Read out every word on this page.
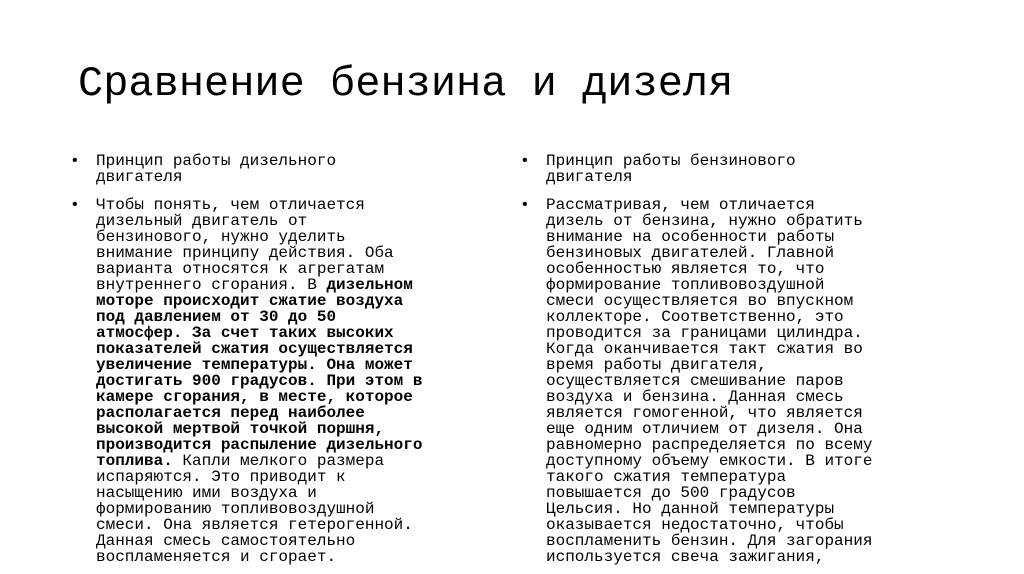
Сравнение бензина и дизеля
• Принцип работы дизельного
двигателя

• Чтобы понять, чем отличается
дизельный двигатель от
бензинового, нужно уделить
внимание принципу действия. Оба
варианта относятся к агрегатам
внутреннего сгорания. В дизельном
моторе происходит сжатие воздуха
под давлением от 30 до 50
атмосфер. За счет таких высоких
показателей сжатия осуществляется
увеличение температуры. Она может
достигать 900 градусов. При этом в
камере сгорания, в месте, которое
располагается перед наиболее
высокой мертвой точкой поршня,
производится распыление дизельного
топлива. Капли мелкого размера
испаряются. Это приводит к
насыщению ими воздуха и
формированию топливовоздушной
смеси. Она является гетерогенной.
Данная смесь самостоятельно
воспламеняется и сгорает.

• Принцип работы бензинового
двигателя

• Рассматривая, чем отличается
дизель от бензина, нужно обратить
внимание на особенности работы
бензиновых двигателей. Главной
особенностью является то, что
формирование топливовоздушной
смеси осуществляется во впускном
коллекторе. Соответственно, это
проводится за границами цилиндра.
Когда оканчивается такт сжатия во
время работы двигателя,
осуществляется смешивание паров
воздуха и бензина. Данная смесь
является гомогенной, что является
еще одним отличием от дизеля. Она
равномерно распределяется по всему
доступному объему емкости. В итоге
такого сжатия температура
повышается до 500 градусов
Цельсия. Но данной температуры
оказывается недостаточно, чтобы
воспламенить бензин. Для загорания
используется свеча зажигания,
